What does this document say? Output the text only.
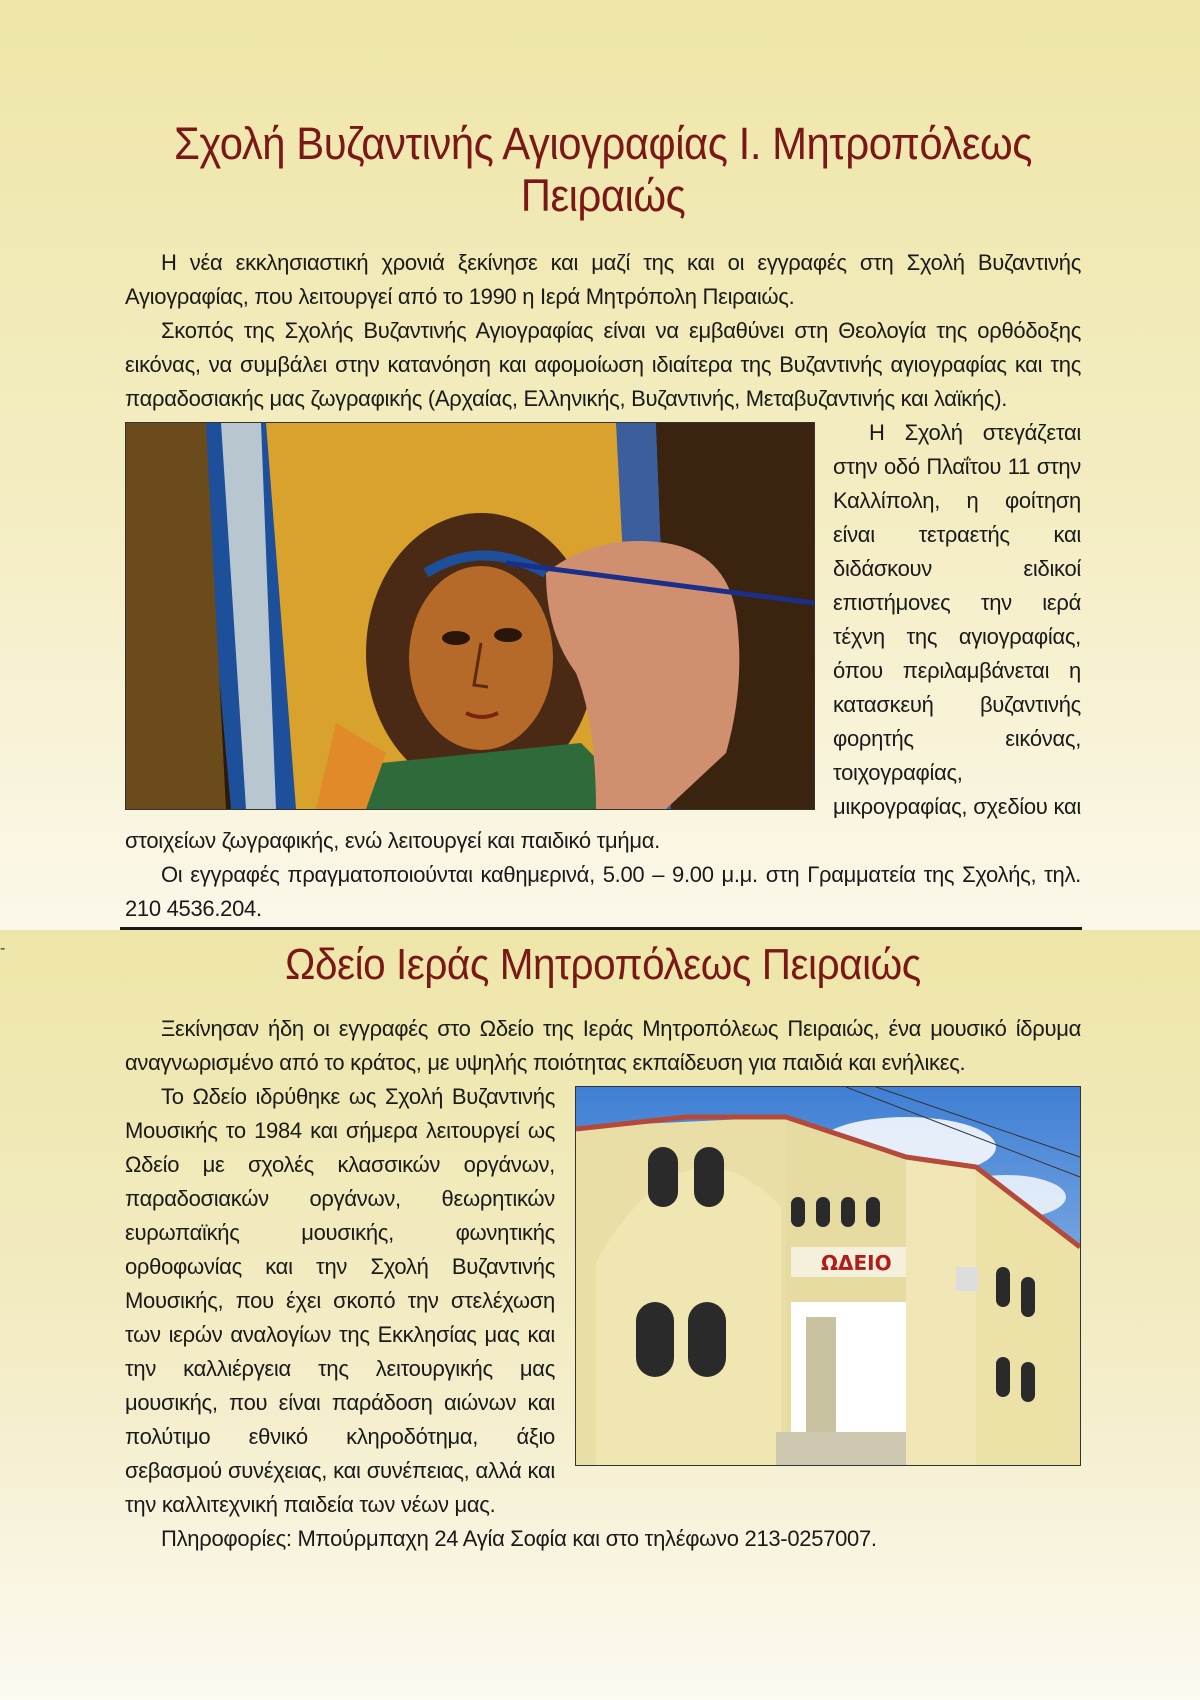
Σχολή Βυζαντινής Αγιογραφίας Ι. Μητροπόλεως Πειραιώς

Η νέα εκκλησιαστική χρονιά ξεκίνησε και μαζί της και οι εγγραφές στη Σχολή Βυζαντινής Αγιογραφίας, που λειτουργεί από το 1990 η Ιερά Μητρόπολη Πειραιώς.

Σκοπός της Σχολής Βυζαντινής Αγιογραφίας είναι να εμβαθύνει στη Θεολογία της ορθόδοξης εικόνας, να συμβάλει στην κατανόηση και αφομοίωση ιδιαίτερα της Βυζαντινής αγιογραφίας και της παραδοσιακής μας ζωγραφικής (Αρχαίας, Ελληνικής, Βυζαντινής, Μεταβυζαντινής και λαϊκής).

Η Σχολή στεγάζεται στην οδό Πλαΐτου 11 στην Καλλίπολη, η φοίτηση είναι τετραετής και διδάσκουν ειδικοί επιστήμονες την ιερά τέχνη της αγιογραφίας, όπου περιλαμβάνεται η κατασκευή βυζαντινής φορητής εικόνας, τοιχογραφίας, μικρογραφίας, σχεδίου και στοιχείων ζωγραφικής, ενώ λειτουργεί και παιδικό τμήμα.

Οι εγγραφές πραγματοποιούνται καθημερινά, 5.00 – 9.00 μ.μ. στη Γραμματεία της Σχολής, τηλ. 210 4536.204.

-	Ωδείο Ιεράς Μητροπόλεως Πειραιώς

Ξεκίνησαν ήδη οι εγγραφές στο Ωδείο της Ιεράς Μητροπόλεως Πειραιώς, ένα μουσικό ίδρυμα αναγνωρισμένο από το κράτος, με υψηλής ποιότητας εκπαίδευση για παιδιά και ενήλικες.

ΩΔΕΙΟ

Το Ωδείο ιδρύθηκε ως Σχολή Βυζαντινής Μουσικής το 1984 και σήμερα λειτουργεί ως Ωδείο με σχολές κλασσικών οργάνων, παραδοσιακών οργάνων, θεωρητικών ευρωπαϊκής μουσικής, φωνητικής ορθοφωνίας και την Σχολή Βυζαντινής Μουσικής, που έχει σκοπό την στελέχωση των ιερών αναλογίων της Εκκλησίας μας και την καλλιέργεια της λειτουργικής μας μουσικής, που είναι παράδοση αιώνων και πολύτιμο εθνικό κληροδότημα, άξιο σεβασμού συνέχειας, και συνέπειας, αλλά και την καλλιτεχνική παιδεία των νέων μας.

Πληροφορίες: Μπούρμπαχη 24 Αγία Σοφία και στο τηλέφωνο 213-0257007.
